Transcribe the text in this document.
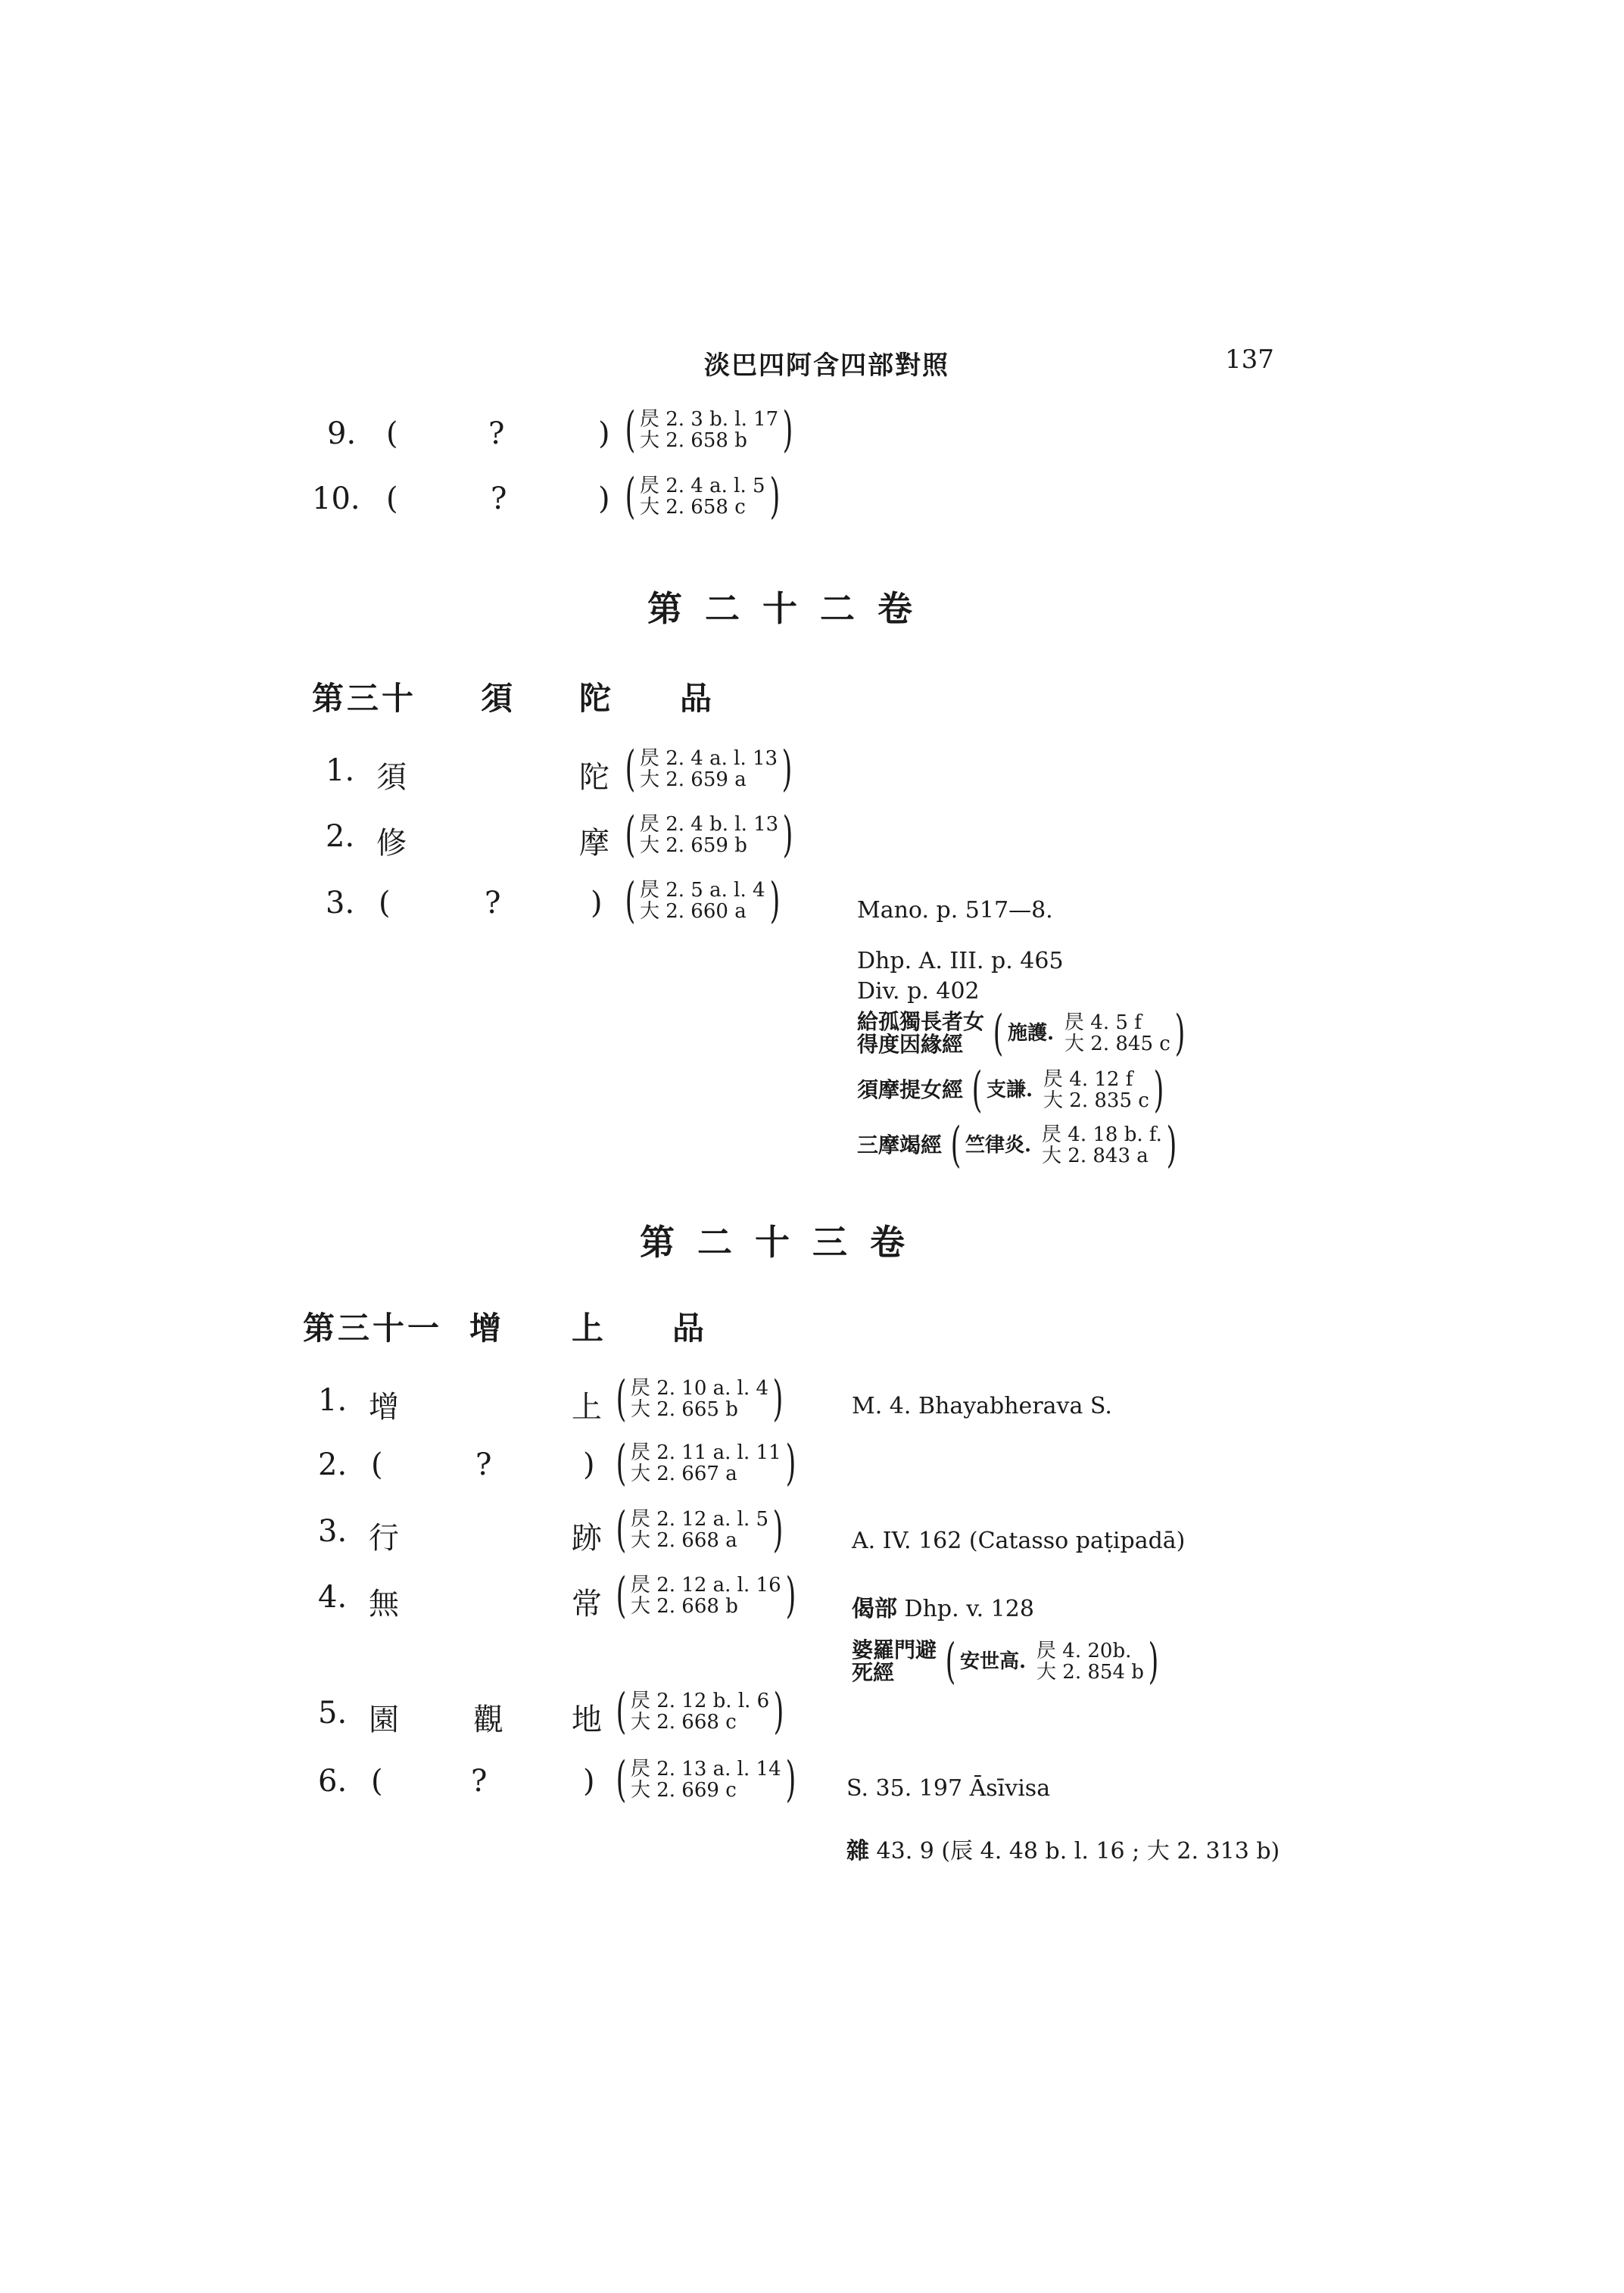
淡巴四阿含四部對照	137
9. (	?	) ( 昃 2. 3 b. l. 17
大 2. 658 b )
10. (	?	) ( 昃 2. 4 a. l. 5
大 2. 658 c )
第二十二卷
第三十 須 陀 品
1. 須	陀 ( 昃 2. 4 a. l. 13
大 2. 659 a )
2. 修	摩 ( 昃 2. 4 b. l. 13
大 2. 659 b )
3. (	?	) ( 昃 2. 5 a. l. 4
大 2. 660 a )	Mano. p. 517—8.
Dhp. A. III. p. 465
Div. p. 402
給孤獨長者女
得度因緣經 ( 施護. 昃 4. 5 f
大 2. 845 c )
須摩提女經 ( 支謙. 昃 4. 12 f
大 2. 835 c )
三摩竭經 ( 竺律炎. 昃 4. 18 b. f.
大 2. 843 a )
第二十三卷
第三十一 增 上 品
1. 增	上 ( 昃 2. 10 a. l. 4
大 2. 665 b )	M. 4. Bhayabherava S.
2. (	?	) ( 昃 2. 11 a. l. 11
大 2. 667 a )
3. 行	跡 ( 昃 2. 12 a. l. 5
大 2. 668 a )	A. IV. 162 (Catasso paṭipadā)
4. 無	常 ( 昃 2. 12 a. l. 16
大 2. 668 b ) 偈部 Dhp. v. 128
婆羅門避
死經	( 安世高. 昃 4. 20b.
大 2. 854 b )
5. 園 觀 地 ( 昃 2. 12 b. l. 6
大 2. 668 c )
6. (	?	) ( 昃 2. 13 a. l. 14
大 2. 669 c	) S. 35. 197 Āsīvisa
雜 43. 9 (辰 4. 48 b. l. 16 ; 大 2. 313 b)
